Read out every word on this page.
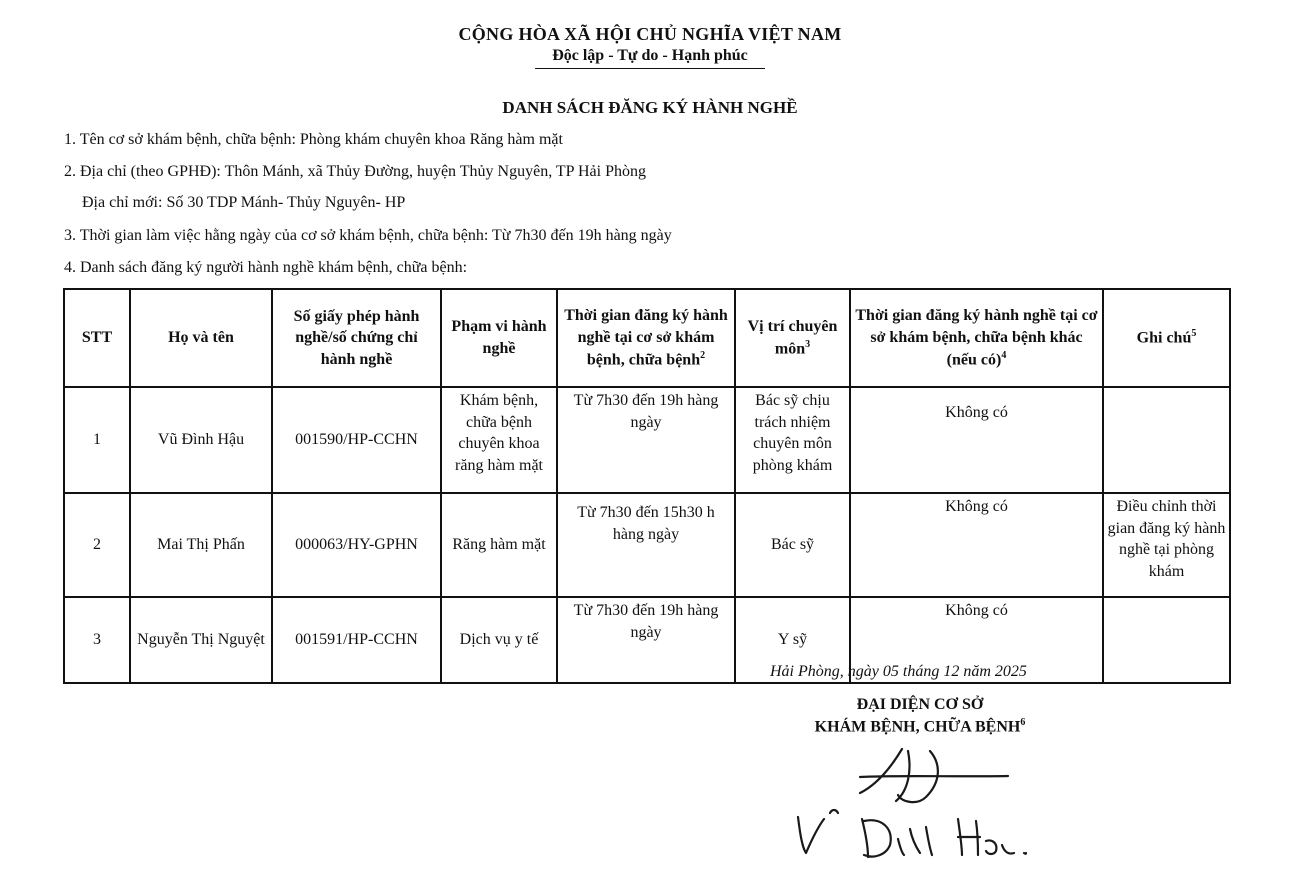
CỘNG HÒA XÃ HỘI CHỦ NGHĨA VIỆT NAM
Độc lập - Tự do - Hạnh phúc
DANH SÁCH ĐĂNG KÝ HÀNH NGHỀ
1. Tên cơ sở khám bệnh, chữa bệnh: Phòng khám chuyên khoa Răng hàm mặt
2. Địa chỉ (theo GPHĐ): Thôn Mánh, xã Thủy Đường, huyện Thủy Nguyên, TP Hải Phòng
Địa chỉ mới: Số 30 TDP Mánh- Thủy Nguyên- HP
3. Thời gian làm việc hằng ngày của cơ sở khám bệnh, chữa bệnh: Từ 7h30 đến 19h hàng ngày
4. Danh sách đăng ký người hành nghề khám bệnh, chữa bệnh:
STT	Họ và tên	Số giấy phép hành nghề/số chứng chỉ hành nghề	Phạm vi hành nghề	Thời gian đăng ký hành nghề tại cơ sở khám bệnh, chữa bệnh$^2$	Vị trí chuyên môn$^3$	Thời gian đăng ký hành nghề tại cơ sở khám bệnh, chữa bệnh khác (nếu có)$^4$	Ghi chú$^5$
1	Vũ Đình Hậu	001590/HP-CCHN	Khám bệnh, chữa bệnh chuyên khoa răng hàm mặt	Từ 7h30 đến 19h hàng ngày	Bác sỹ chịu trách nhiệm chuyên môn phòng khám	Không có	
2	Mai Thị Phấn	000063/HY-GPHN	Răng hàm mặt	Từ 7h30 đến 15h30 h hàng ngày	Bác sỹ	Không có	Điều chỉnh thời gian đăng ký hành nghề tại phòng khám
3	Nguyễn Thị Nguyệt	001591/HP-CCHN	Dịch vụ y tế	Từ 7h30 đến 19h hàng ngày	Y sỹ	Không có	
Hải Phòng, ngày 05 tháng 12 năm 2025
ĐẠI DIỆN CƠ SỞ
KHÁM BỆNH, CHỮA BỆNH$^6$
